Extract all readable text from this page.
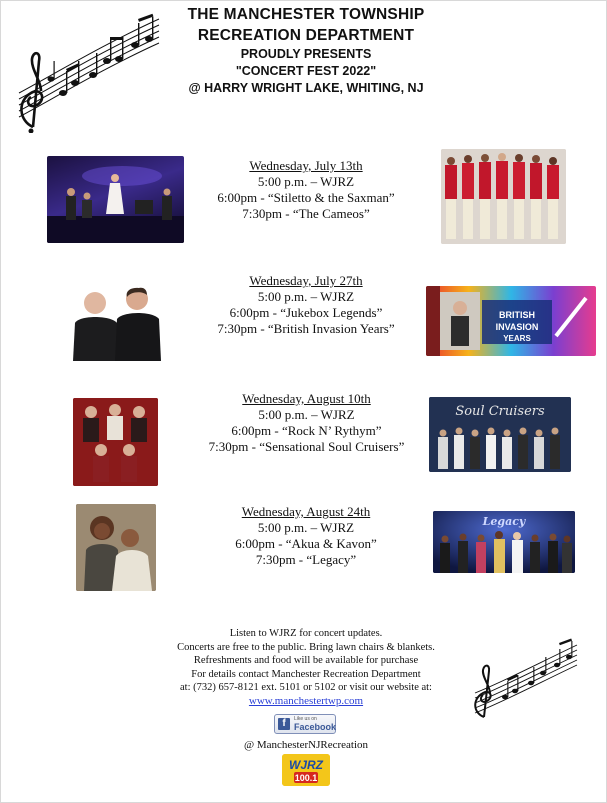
THE MANCHESTER TOWNSHIP
RECREATION DEPARTMENT
PROUDLY PRESENTS
"CONCERT FEST 2022"
@ HARRY WRIGHT LAKE, WHITING, NJ
Wednesday, July 13th
5:00 p.m. – WJRZ
6:00pm - “Stiletto & the Saxman”
7:30pm - “The Cameos”
Wednesday, July 27th
5:00 p.m. – WJRZ
6:00pm - “Jukebox Legends”
7:30pm - “British Invasion Years”
BRITISH
INVASION
YEARS
Wednesday, August 10th
5:00 p.m. – WJRZ
6:00pm - “Rock N’ Rythym”
7:30pm - “Sensational Soul Cruisers”
Soul Cruisers
Wednesday, August 24th
5:00 p.m. – WJRZ
6:00pm - “Akua & Kavon”
7:30pm - “Legacy”
Legacy
Listen to WJRZ for concert updates.
Concerts are free to the public. Bring lawn chairs & blankets.
Refreshments and food will be available for purchase
For details contact Manchester Recreation Department
at: (732) 657-8121 ext. 5101 or 5102 or visit our website at:
www.manchestertwp.com
f	Like us on
Facebook
@ ManchesterNJRecreation
WJRZ
100.1
